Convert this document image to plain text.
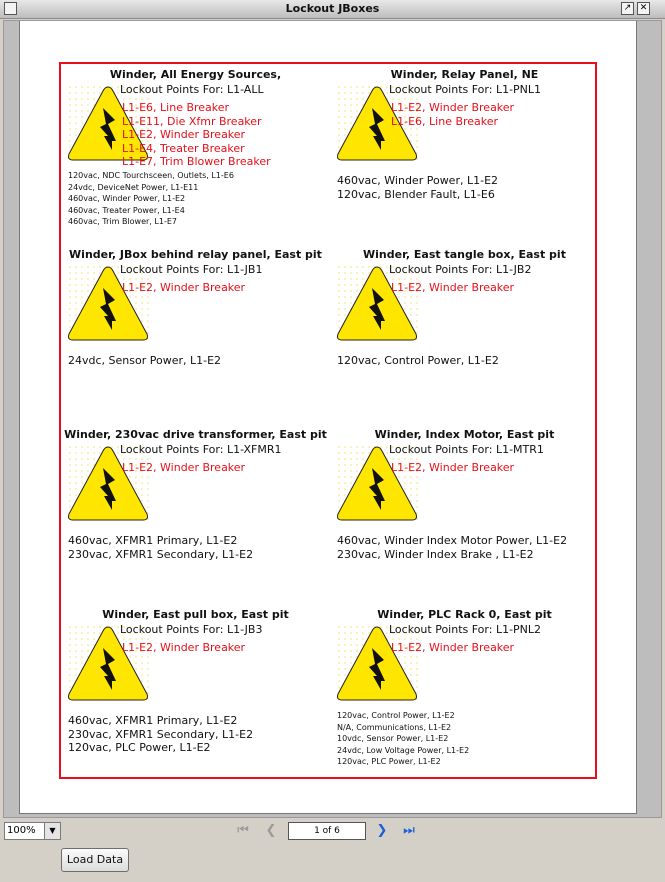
Lockout JBoxes	↗ ✕
Winder, All Energy Sources,
Lockout Points For: L1-ALL
L1-E6, Line Breaker
L1-E11, Die Xfmr Breaker
L1-E2, Winder Breaker
L1-E4, Treater Breaker
L1-E7, Trim Blower Breaker
120vac, NDC Tourchsceen, Outlets, L1-E6
24vdc, DeviceNet Power, L1-E11
460vac, Winder Power, L1-E2
460vac, Treater Power, L1-E4
460vac, Trim Blower, L1-E7
Winder, Relay Panel, NE
Lockout Points For: L1-PNL1
L1-E2, Winder Breaker
L1-E6, Line Breaker
460vac, Winder Power, L1-E2
120vac, Blender Fault, L1-E6
Winder, JBox behind relay panel, East pit
Lockout Points For: L1-JB1
L1-E2, Winder Breaker
24vdc, Sensor Power, L1-E2
Winder, East tangle box, East pit
Lockout Points For: L1-JB2
L1-E2, Winder Breaker
120vac, Control Power, L1-E2
Winder, 230vac drive transformer, East pit
Lockout Points For: L1-XFMR1
L1-E2, Winder Breaker
460vac, XFMR1 Primary, L1-E2
230vac, XFMR1 Secondary, L1-E2
Winder, Index Motor, East pit
Lockout Points For: L1-MTR1
L1-E2, Winder Breaker
460vac, Winder Index Motor Power, L1-E2
230vac, Winder Index Brake , L1-E2
Winder, East pull box, East pit
Lockout Points For: L1-JB3
L1-E2, Winder Breaker
460vac, XFMR1 Primary, L1-E2
230vac, XFMR1 Secondary, L1-E2
120vac, PLC Power, L1-E2
Winder, PLC Rack 0, East pit
Lockout Points For: L1-PNL2
L1-E2, Winder Breaker
120vac, Control Power, L1-E2
N/A, Communications, L1-E2
10vdc, Sensor Power, L1-E2
24vdc, Low Voltage Power, L1-E2
120vac, PLC Power, L1-E2
100%	▼	⏮ ❮	1 of 6	❯ ⏭
Load Data
